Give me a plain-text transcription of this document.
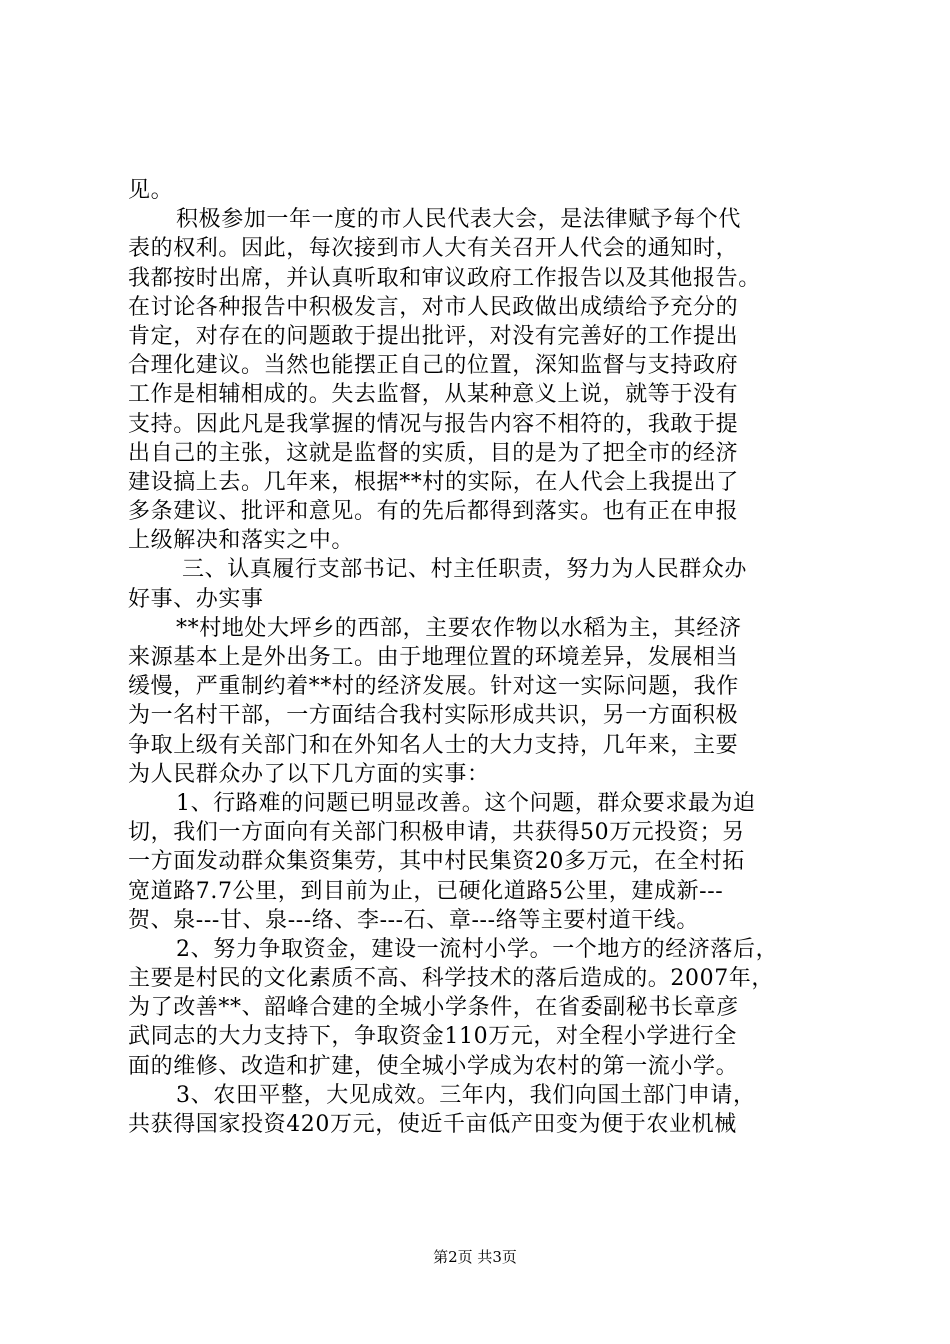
见。
积极参加一年一度的市人民代表大会，是法律赋予每个代
表的权利。因此，每次接到市人大有关召开人代会的通知时，
我都按时出席，并认真听取和审议政府工作报告以及其他报告。
在讨论各种报告中积极发言，对市人民政做出成绩给予充分的
肯定，对存在的问题敢于提出批评，对没有完善好的工作提出
合理化建议。当然也能摆正自己的位置，深知监督与支持政府
工作是相辅相成的。失去监督，从某种意义上说，就等于没有
支持。因此凡是我掌握的情况与报告内容不相符的，我敢于提
出自己的主张，这就是监督的实质，目的是为了把全市的经济
建设搞上去。几年来，根据**村的实际，在人代会上我提出了
多条建议、批评和意见。有的先后都得到落实。也有正在申报
上级解决和落实之中。
三、认真履行支部书记、村主任职责，努力为人民群众办
好事、办实事
**村地处大坪乡的西部，主要农作物以水稻为主，其经济
来源基本上是外出务工。由于地理位置的环境差异，发展相当
缓慢，严重制约着**村的经济发展。针对这一实际问题，我作
为一名村干部，一方面结合我村实际形成共识，另一方面积极
争取上级有关部门和在外知名人士的大力支持，几年来，主要
为人民群众办了以下几方面的实事：
1、行路难的问题已明显改善。这个问题，群众要求最为迫
切，我们一方面向有关部门积极申请，共获得50万元投资；另
一方面发动群众集资集劳，其中村民集资20多万元，在全村拓
宽道路7.7公里，到目前为止，已硬化道路5公里，建成新---
贺、泉---甘、泉---络、李---石、章---络等主要村道干线。
2、努力争取资金，建设一流村小学。一个地方的经济落后，
主要是村民的文化素质不高、科学技术的落后造成的。2007年，
为了改善**、韶峰合建的全城小学条件，在省委副秘书长章彦
武同志的大力支持下，争取资金110万元，对全程小学进行全
面的维修、改造和扩建，使全城小学成为农村的第一流小学。
3、农田平整，大见成效。三年内，我们向国土部门申请，
共获得国家投资420万元，使近千亩低产田变为便于农业机械
第2页 共3页
